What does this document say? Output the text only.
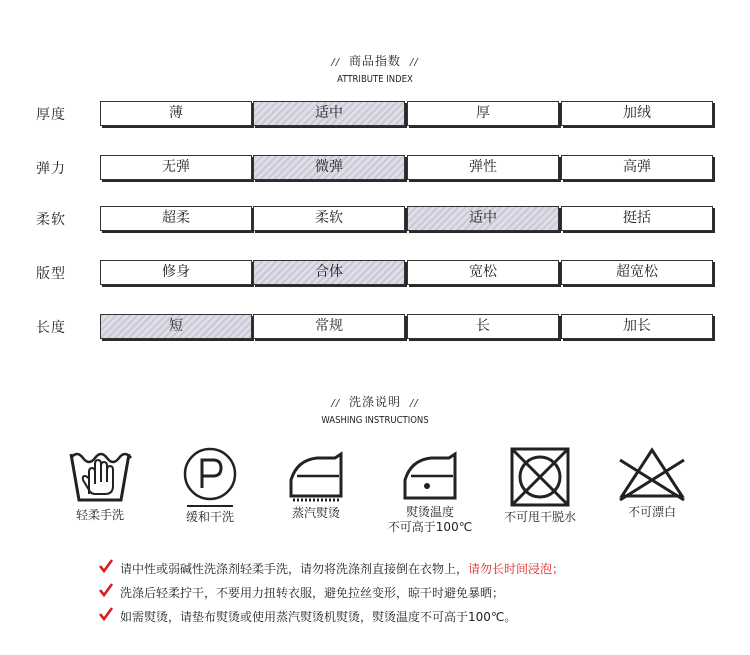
// 商品指数 //
ATTRIBUTE INDEX
厚度	薄	适中	厚	加绒
弹力	无弹	微弹	弹性	高弹
柔软	超柔	柔软	适中	挺括
版型	修身	合体	宽松	超宽松
长度	短	常规	长	加长
// 洗涤说明 //
WASHING INSTRUCTIONS
轻柔手洗	缓和干洗	蒸汽熨烫	熨烫温度
不可高于100℃
不可甩干脱水	不可漂白
请中性或弱碱性洗涤剂轻柔手洗，请勿将洗涤剂直接倒在衣物上，请勿长时间浸泡；
洗涤后轻柔拧干，不要用力扭转衣服，避免拉丝变形，晾干时避免暴晒；
如需熨烫，请垫布熨烫或使用蒸汽熨烫机熨烫，熨烫温度不可高于100℃。
